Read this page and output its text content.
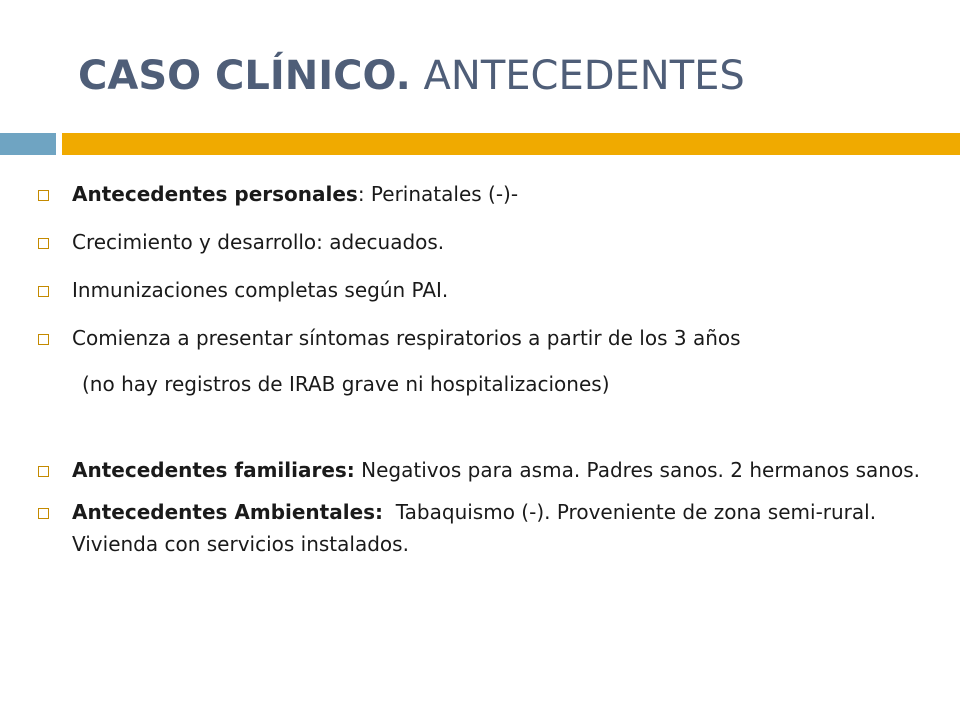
CASO CLÍNICO. ANTECEDENTES

Antecedentes personales: Perinatales (-)-

Crecimiento y desarrollo: adecuados.

Inmunizaciones completas según PAI.

Comienza a presentar síntomas respiratorios a partir de los 3 años

(no hay registros de IRAB grave ni hospitalizaciones)

Antecedentes familiares: Negativos para asma. Padres sanos. 2 hermanos sanos.

Antecedentes Ambientales:  Tabaquismo (-). Proveniente de zona semi-rural. Vivienda con servicios instalados.
